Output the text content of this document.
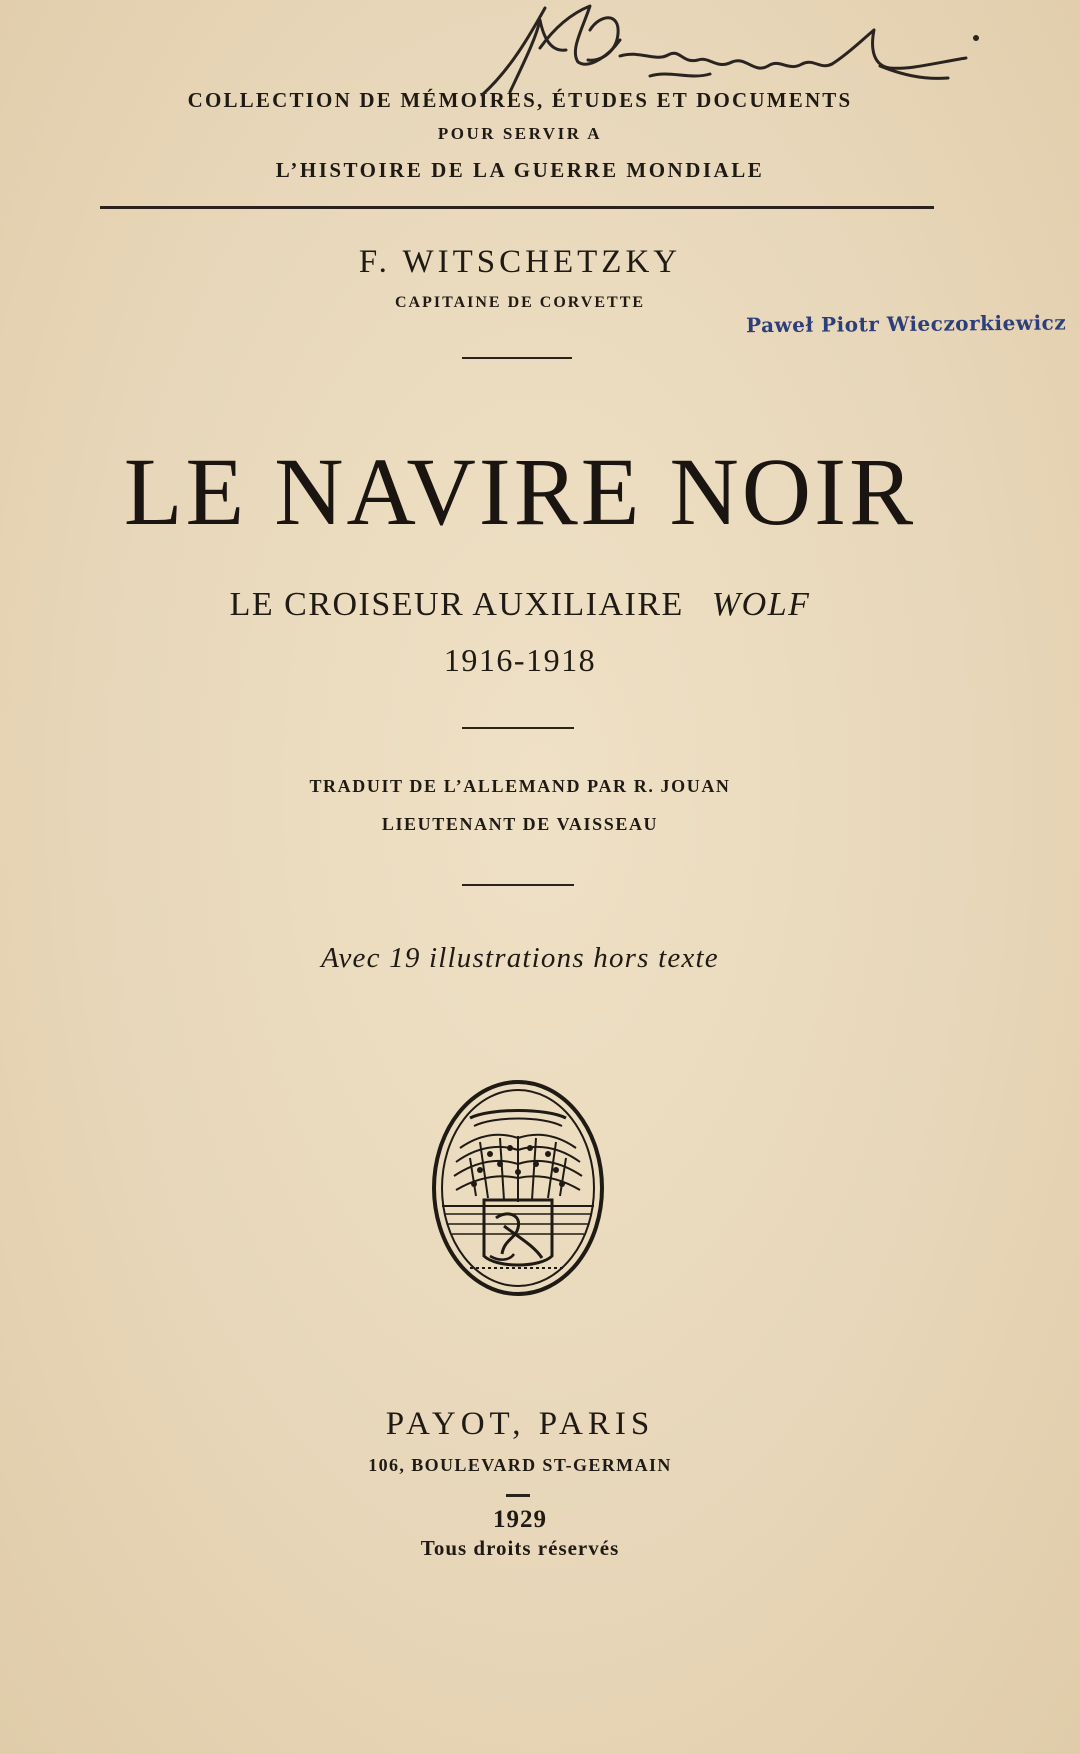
COLLECTION DE MÉMOIRES, ÉTUDES ET DOCUMENTS
POUR SERVIR A
L’HISTOIRE DE LA GUERRE MONDIALE
F. WITSCHETZKY
CAPITAINE DE CORVETTE
Paweł Piotr Wieczorkiewicz
LE NAVIRE NOIR
LE CROISEUR AUXILIAIRE WOLF
1916-1918
TRADUIT DE L’ALLEMAND PAR R. JOUAN
LIEUTENANT DE VAISSEAU
Avec 19 illustrations hors texte
PAYOT, PARIS
106, BOULEVARD ST-GERMAIN
1929
Tous droits réservés
